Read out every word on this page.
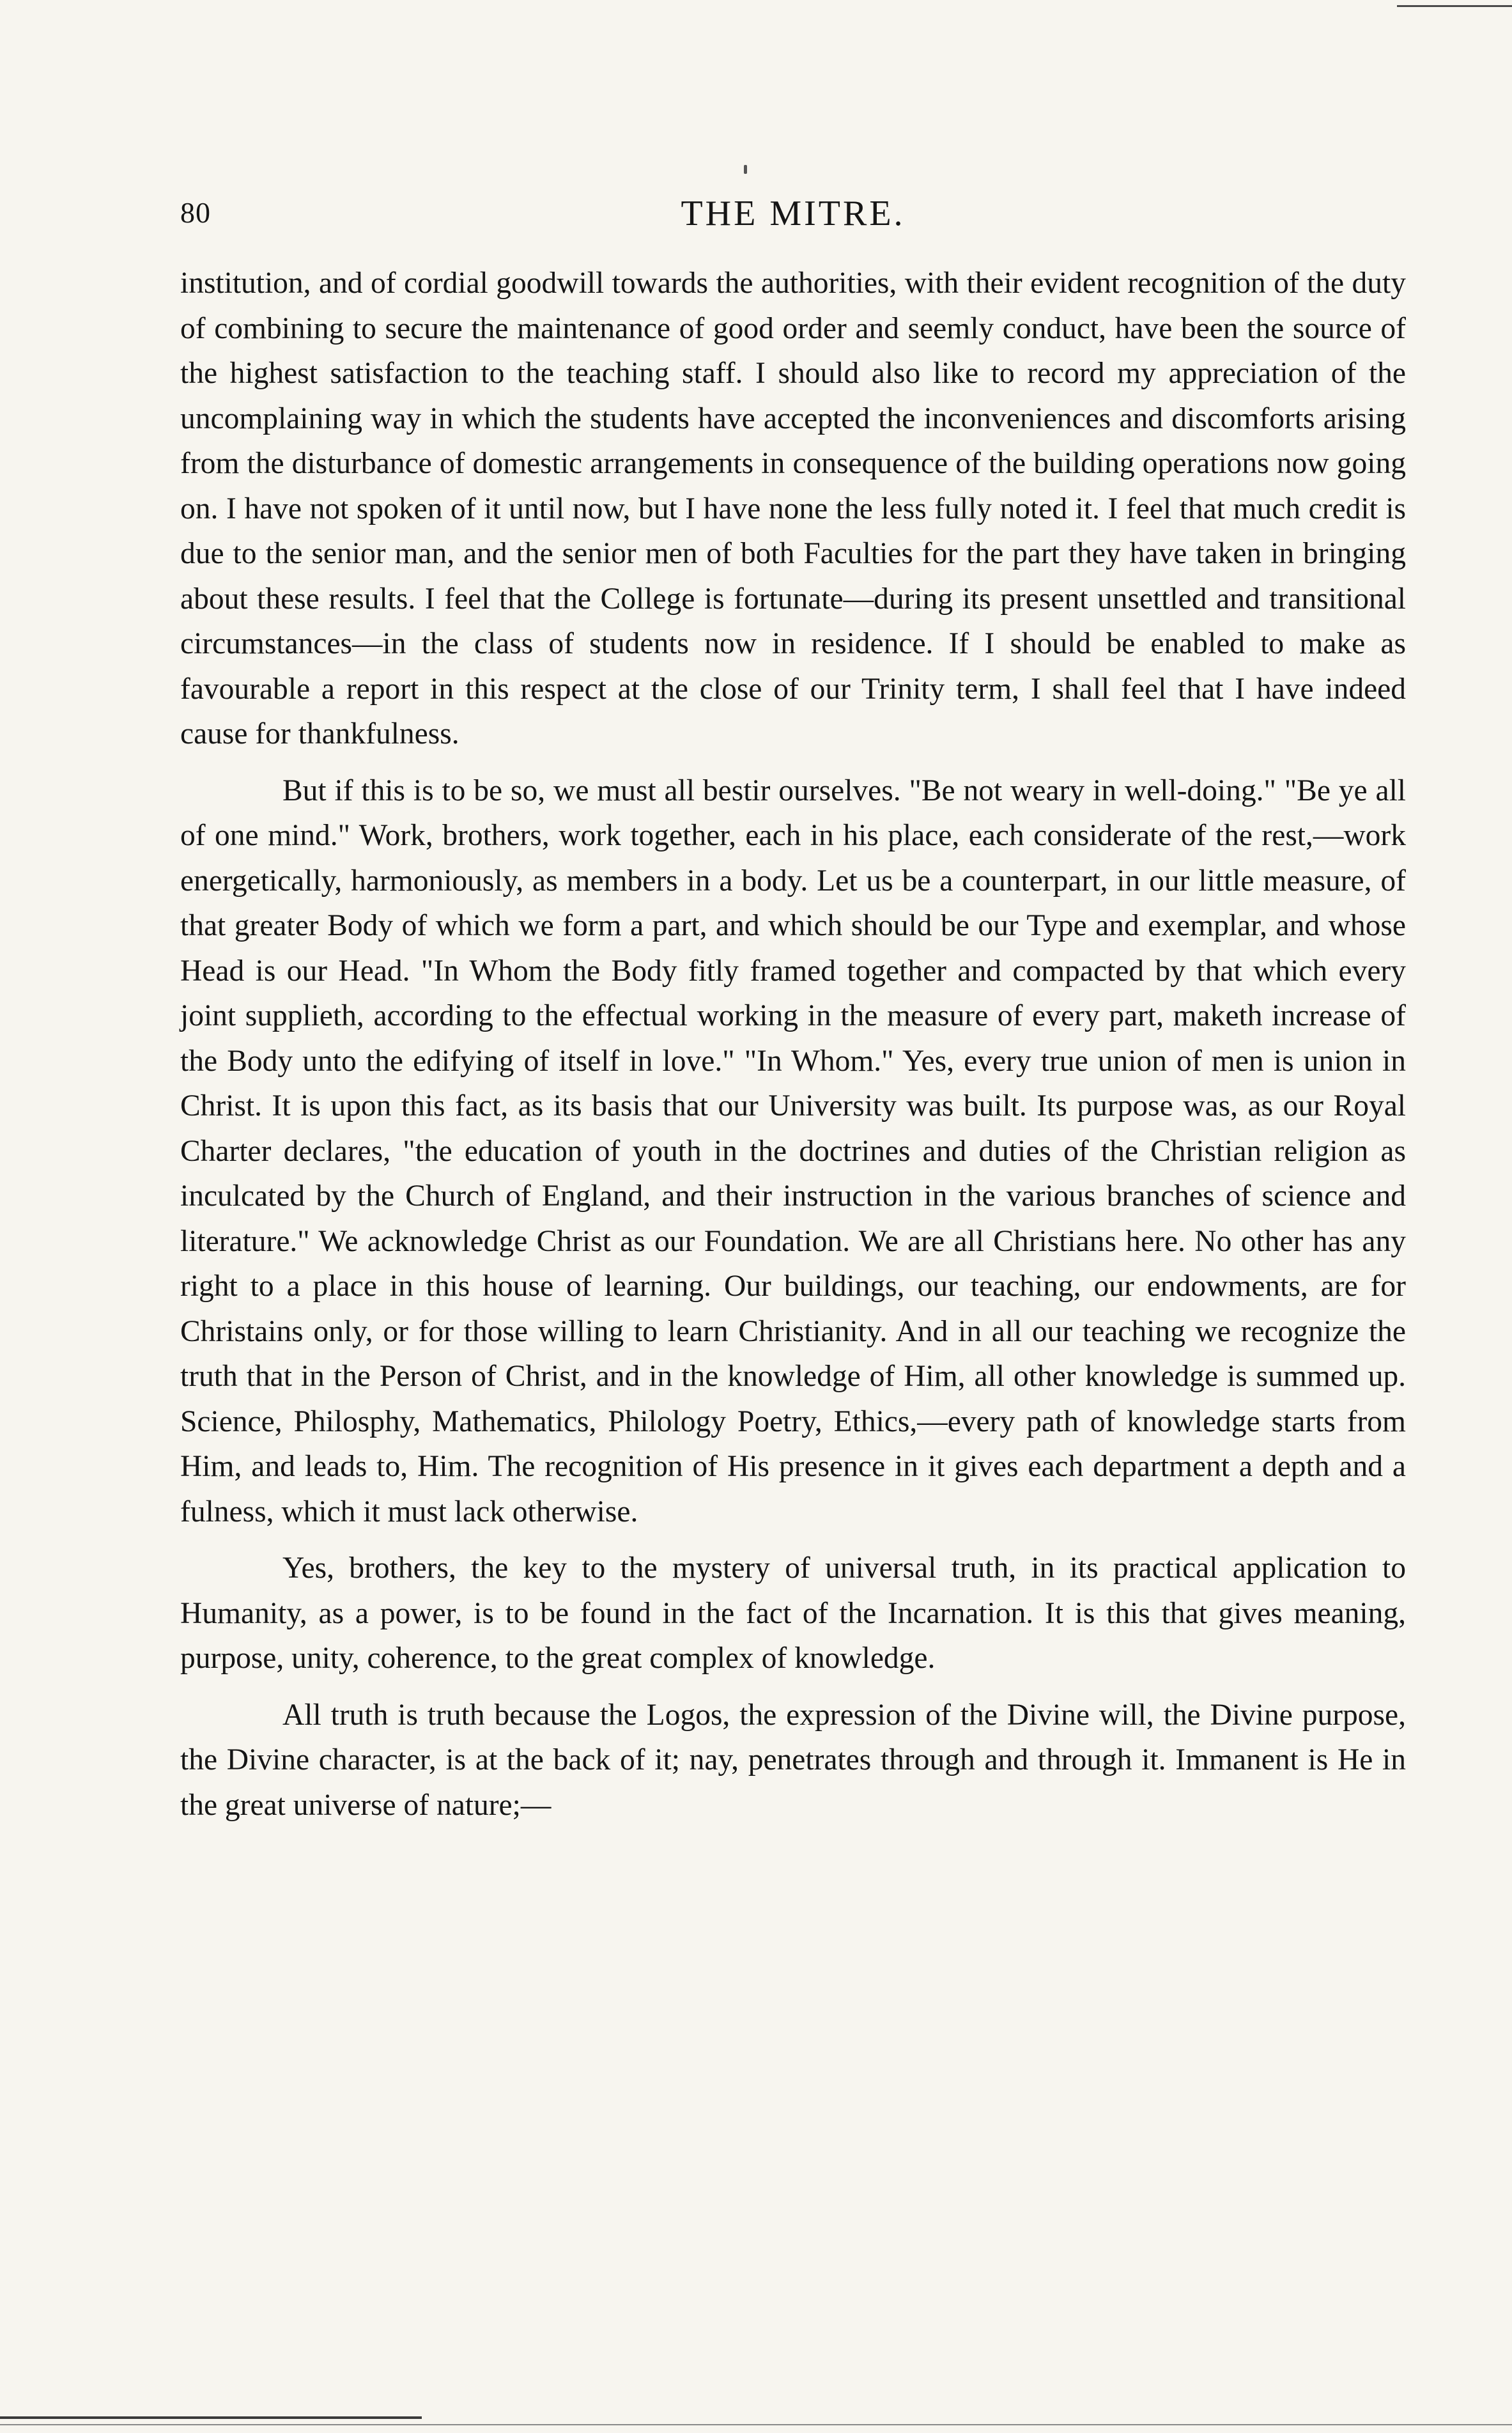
80	THE MITRE.

institution, and of cordial goodwill towards the authorities, with their evident recognition of the duty of combining to secure the maintenance of good order and seemly conduct, have been the source of the highest satisfaction to the teaching staff. I should also like to record my appreciation of the uncomplaining way in which the students have accepted the inconveniences and discomforts arising from the disturbance of domestic arrangements in consequence of the building operations now going on. I have not spoken of it until now, but I have none the less fully noted it. I feel that much credit is due to the senior man, and the senior men of both Faculties for the part they have taken in bringing about these results. I feel that the College is fortunate—during its present unsettled and transitional circumstances—in the class of students now in residence. If I should be enabled to make as favourable a report in this respect at the close of our Trinity term, I shall feel that I have indeed cause for thankfulness.

But if this is to be so, we must all bestir ourselves. "Be not weary in well-doing." "Be ye all of one mind." Work, brothers, work together, each in his place, each considerate of the rest,—work energetically, harmoniously, as members in a body. Let us be a counterpart, in our little measure, of that greater Body of which we form a part, and which should be our Type and exemplar, and whose Head is our Head. "In Whom the Body fitly framed together and compacted by that which every joint supplieth, according to the effectual working in the measure of every part, maketh increase of the Body unto the edifying of itself in love." "In Whom." Yes, every true union of men is union in Christ. It is upon this fact, as its basis that our University was built. Its purpose was, as our Royal Charter declares, "the education of youth in the doctrines and duties of the Christian religion as inculcated by the Church of England, and their instruction in the various branches of science and literature." We acknowledge Christ as our Foundation. We are all Christians here. No other has any right to a place in this house of learning. Our buildings, our teaching, our endowments, are for Christains only, or for those willing to learn Christianity. And in all our teaching we recognize the truth that in the Person of Christ, and in the knowledge of Him, all other knowledge is summed up. Science, Philosphy, Mathematics, Philology Poetry, Ethics,—every path of knowledge starts from Him, and leads to, Him. The recognition of His presence in it gives each department a depth and a fulness, which it must lack otherwise.

Yes, brothers, the key to the mystery of universal truth, in its practical application to Humanity, as a power, is to be found in the fact of the Incarnation. It is this that gives meaning, purpose, unity, coherence, to the great complex of knowledge.

All truth is truth because the Logos, the expression of the Divine will, the Divine purpose, the Divine character, is at the back of it; nay, penetrates through and through it. Immanent is He in the great universe of nature;—
